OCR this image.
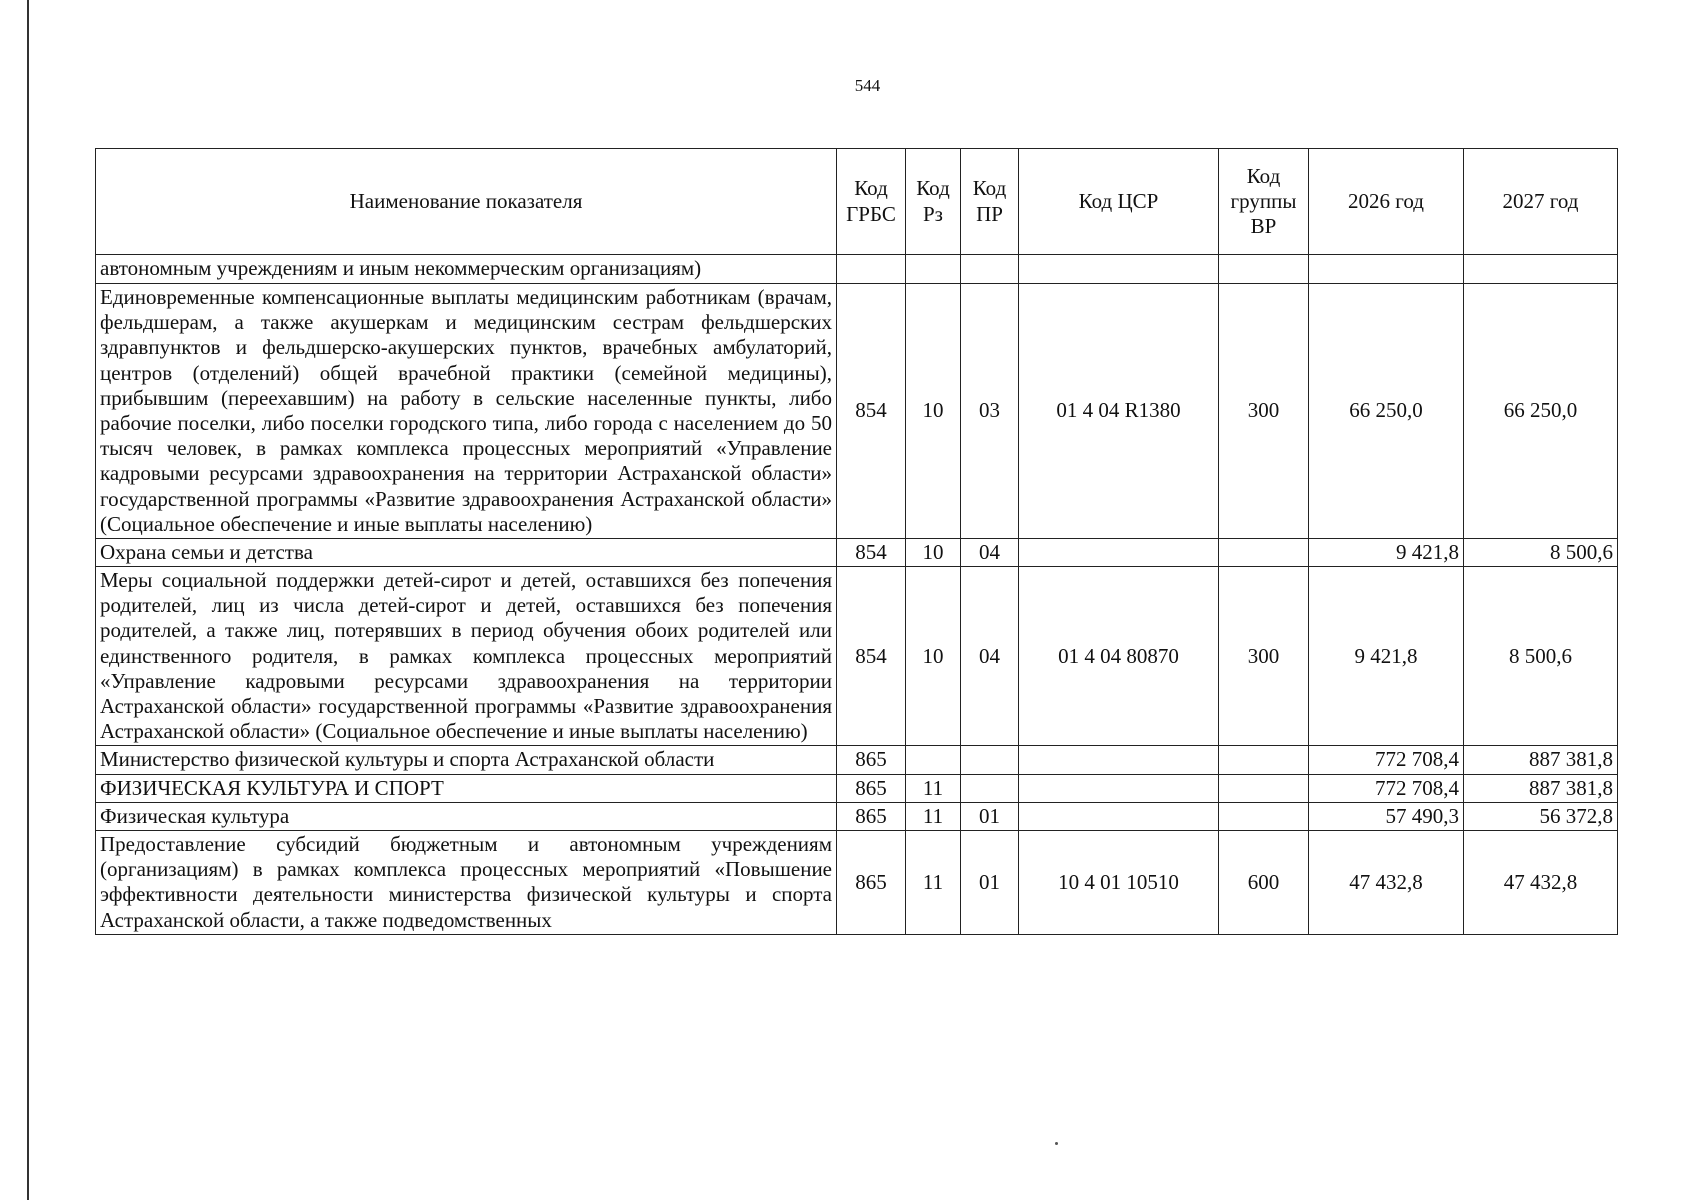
544
Наименование показателя	Код ГРБС	Код Рз	Код ПР	Код ЦСР	Код группы ВР	2026 год	2027 год
автономным учреждениям и иным некоммерческим организациям)							
Единовременные компенсационные выплаты медицинским работникам (врачам, фельдшерам, а также акушеркам и медицинским сестрам фельдшерских здравпунктов и фельдшерско-акушерских пунктов, врачебных амбулаторий, центров (отделений) общей врачебной практики (семейной медицины), прибывшим (переехавшим) на работу в сельские населенные пункты, либо рабочие поселки, либо поселки городского типа, либо города с населением до 50 тысяч человек, в рамках комплекса процессных мероприятий «Управление кадровыми ресурсами здравоохранения на территории Астраханской области» государственной программы «Развитие здравоохранения Астраханской области» (Социальное обеспечение и иные выплаты населению)	854	10	03	01 4 04 R1380	300	66 250,0	66 250,0
Охрана семьи и детства	854	10	04			9 421,8	8 500,6
Меры социальной поддержки детей-сирот и детей, оставшихся без попечения родителей, лиц из числа детей-сирот и детей, оставшихся без попечения родителей, а также лиц, потерявших в период обучения обоих родителей или единственного родителя, в рамках комплекса процессных мероприятий «Управление кадровыми ресурсами здравоохранения на территории Астраханской области» государственной программы «Развитие здравоохранения Астраханской области» (Социальное обеспечение и иные выплаты населению)	854	10	04	01 4 04 80870	300	9 421,8	8 500,6
Министерство физической культуры и спорта Астраханской области	865					772 708,4	887 381,8
ФИЗИЧЕСКАЯ КУЛЬТУРА И СПОРТ	865	11				772 708,4	887 381,8
Физическая культура	865	11	01			57 490,3	56 372,8
Предоставление субсидий бюджетным и автономным учреждениям (организациям) в рамках комплекса процессных мероприятий «Повышение эффективности деятельности министерства физической культуры и спорта Астраханской области, а также подведомственных	865	11	01	10 4 01 10510	600	47 432,8	47 432,8
